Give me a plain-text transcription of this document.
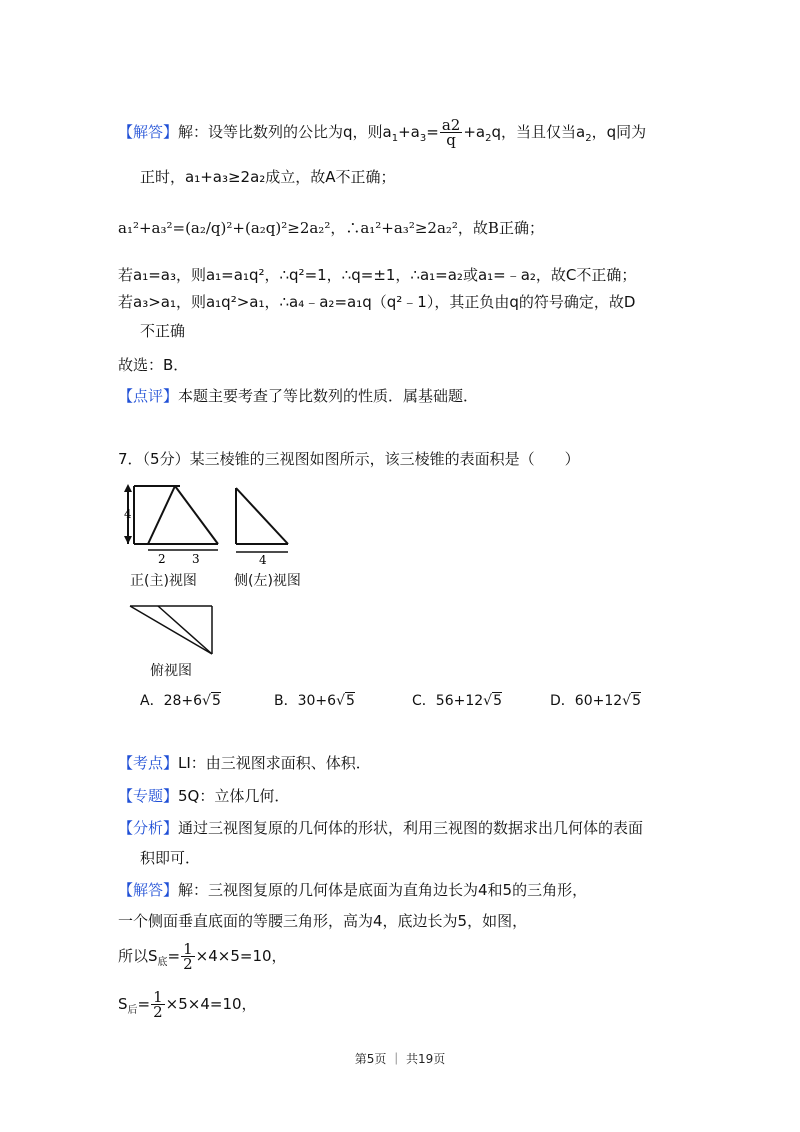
【解答】解：设等比数列的公比为q，则$a_1+a_3= \frac{a2}{q} +a_2q$，当且仅当$a_2$，q同为
正时，a₁+a₃≥2a₂成立，故A不正确；
a₁²+a₃²=(a₂/q)²+(a₂q)²≥2a₂²，∴a₁²+a₃²≥2a₂²，故B正确；
若a₁=a₃，则a₁=a₁q²，∴q²=1，∴q=±1，∴a₁=a₂或a₁=﹣a₂，故C不正确；
若a₃>a₁，则a₁q²>a₁，∴a₄﹣a₂=a₁q（q²﹣1），其正负由q的符号确定，故D
不正确
故选：B．
【点评】本题主要考查了等比数列的性质．属基础题．
7．（5分）某三棱锥的三视图如图所示，该三棱锥的表面积是（　　）
4
2 3
正(主)视图
4
侧(左)视图
俯视图
A．28+6√5	B．30+6√5	C．56+12√5	D．60+12√5
【考点】LI：由三视图求面积、体积．
【专题】5Q：立体几何．
【分析】通过三视图复原的几何体的形状，利用三视图的数据求出几何体的表面
积即可．
【解答】解：三视图复原的几何体是底面为直角边长为4和5的三角形，
一个侧面垂直底面的等腰三角形，高为4，底边长为5，如图，
所以$S_底= \frac{1}{2} \times 4\times 5=10$，
$S_后= \frac{1}{2} \times 5\times 4=10$，
第5页 ｜ 共19页
